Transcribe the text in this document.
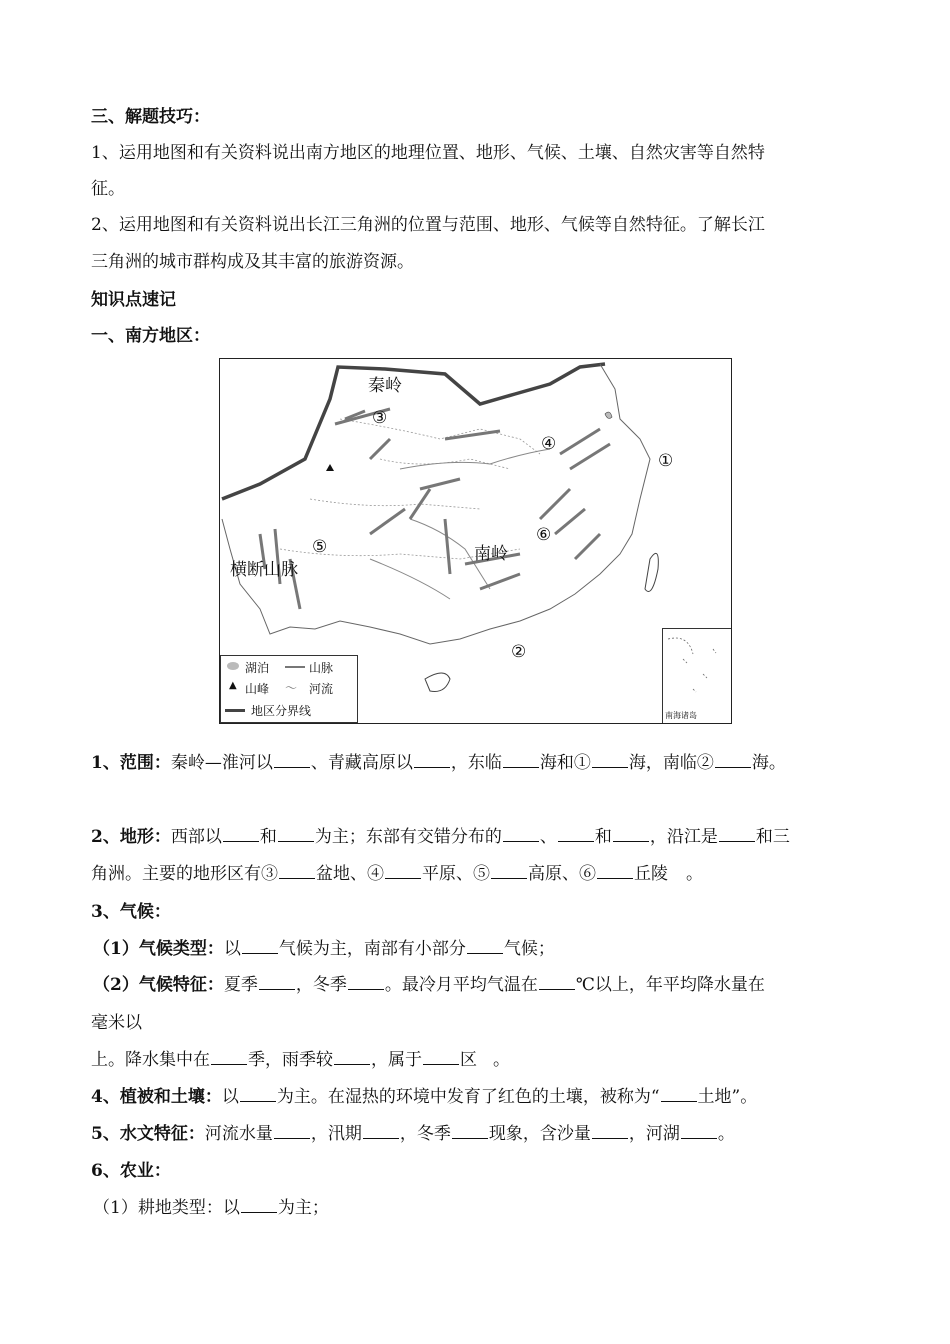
三、解题技巧：
1、运用地图和有关资料说出南方地区的地理位置、地形、气候、土壤、自然灾害等自然特
征。
2、运用地图和有关资料说出长江三角洲的位置与范围、地形、气候等自然特征。了解长江
三角洲的城市群构成及其丰富的旅游资源。
知识点速记
一、南方地区：
秦岭
③
④
①
⑥
南岭
⑤
横断山脉
②
湖泊	山脉
▲ 山峰 〜 河流
地区分界线	南海诸岛
1、范围：秦岭—淮河以 、青藏高原以 ，东临 海和① 海，南临② 海。
2、地形：西部以 和 为主；东部有交错分布的 、 和 ，沿江是 和三
角洲。主要的地形区有③ 盆地、④ 平原、⑤ 高原、⑥ 丘陵 。
3、气候：
（1）气候类型：以 气候为主，南部有小部分 气候；
（2）气候特征：夏季 ，冬季 。最冷月平均气温在 ℃以上，年平均降水量在
毫米以
上。降水集中在 季，雨季较 ，属于 区 。
4、植被和土壤：以 为主。在湿热的环境中发育了红色的土壤，被称为“ 土地”。
5、水文特征：河流水量 ，汛期 ，冬季 现象，含沙量 ，河湖 。
6、农业：
（1）耕地类型：以 为主；
